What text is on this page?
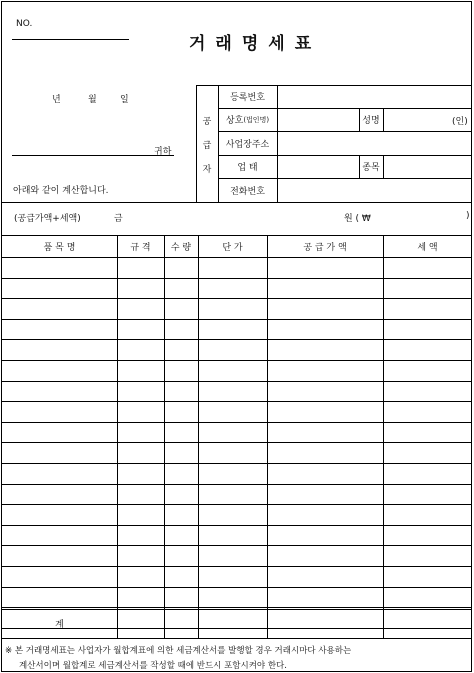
NO.
거래명세표
년	월	일
귀하
아래와 같이 계산합니다.
공
급
자
등록번호
상호 (법인명)	성명	(인)
사업장주소
업 태	종목
전화번호
(공급가액+세액)	금	원 ( ₩	)
품 목 명	규 격	수 량	단 가	공 급 가 액	세 액
계
※ 본 거래명세표는 사업자가 월합계표에 의한 세금계산서를 발행할 경우 거래시마다 사용하는
계산서이며 월합계로 세금계산서를 작성할 때에 반드시 포함시켜야 한다.
